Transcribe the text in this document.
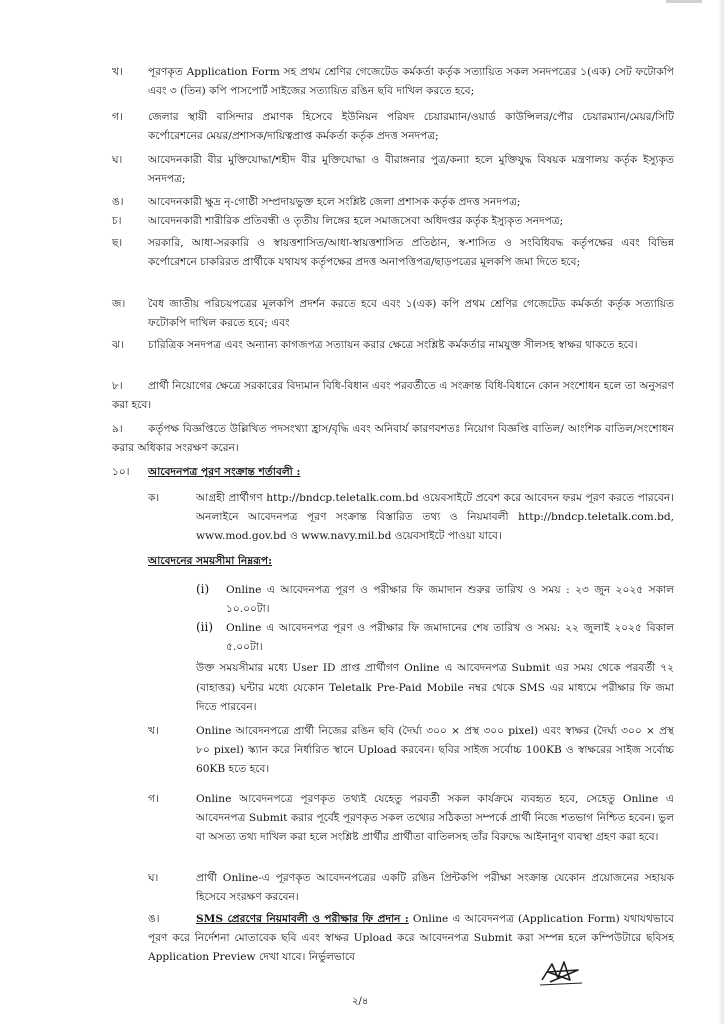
খ। পূরণকৃত Application Form সহ প্রথম শ্রেণির গেজেটেড কর্মকর্তা কর্তৃক সত্যায়িত সকল সনদপত্রের ১(এক) সেট ফটোকপি এবং ৩ (তিন) কপি পাসপোর্ট সাইজের সত্যায়িত রঙিন ছবি দাখিল করতে হবে;
গ। জেলার স্থায়ী বাসিন্দার প্রমাণক হিসেবে ইউনিয়ন পরিষদ চেয়ারম্যান/ওয়ার্ড কাউন্সিলর/পৌর চেয়ারম্যান/মেয়র/সিটি কর্পোরেশনের মেয়র/প্রশাসক/দায়িত্বপ্রাপ্ত কর্মকর্তা কর্তৃক প্রদত্ত সনদপত্র;
ঘ। আবেদনকারী বীর মুক্তিযোদ্ধা/শহীদ বীর মুক্তিযোদ্ধা ও বীরাঙ্গনার পুত্র/কন্যা হলে মুক্তিযুদ্ধ বিষয়ক মন্ত্রণালয় কর্তৃক ইস্যুকৃত সনদপত্র;
ঙ। আবেদনকারী ক্ষুদ্র নৃ-গোষ্ঠী সম্প্রদায়ভুক্ত হলে সংশ্লিষ্ট জেলা প্রশাসক কর্তৃক প্রদত্ত সনদপত্র;
চ। আবেদনকারী শারীরিক প্রতিবন্ধী ও তৃতীয় লিঙ্গের হলে সমাজসেবা অধিদপ্তর কর্তৃক ইস্যুকৃত সনদপত্র;
ছ। সরকারি, আধা-সরকারি ও স্বায়ত্তশাসিত/আধা-স্বায়ত্তশাসিত প্রতিষ্ঠান, স্ব-শাসিত ও সংবিধিবদ্ধ কর্তৃপক্ষের এবং বিভিন্ন কর্পোরেশনে চাকরিরত প্রার্থীকে যথাযথ কর্তৃপক্ষের প্রদত্ত অনাপত্তিপত্র/ছাড়পত্রের মূলকপি জমা দিতে হবে;
জ। বৈধ জাতীয় পরিচয়পত্রের মূলকপি প্রদর্শন করতে হবে এবং ১(এক) কপি প্রথম শ্রেণির গেজেটেড কর্মকর্তা কর্তৃক সত্যায়িত ফটোকপি দাখিল করতে হবে; এবং
ঝ। চারিত্রিক সনদপত্র এবং অন্যান্য কাগজপত্র সত্যায়ন করার ক্ষেত্রে সংশ্লিষ্ট কর্মকর্তার নামযুক্ত সীলসহ স্বাক্ষর থাকতে হবে।
৮।	প্রার্থী নিয়োগের ক্ষেত্রে সরকারের বিদ্যমান বিধি-বিধান এবং পরবর্তীতে এ সংক্রান্ত বিধি-বিধানে কোন সংশোধন হলে তা অনুসরণ করা হবে।
৯।	কর্তৃপক্ষ বিজ্ঞপ্তিতে উল্লিখিত পদসংখ্যা হ্রাস/বৃদ্ধি এবং অনিবার্য কারণবশতঃ নিয়োগ বিজ্ঞপ্তি বাতিল/ আংশিক বাতিল/সংশোধন করার অধিকার সংরক্ষণ করেন।
১০। আবেদনপত্র পূরণ সংক্রান্ত শর্তাবলী :
ক।	আগ্রহী প্রার্থীগণ http://bndcp.teletalk.com.bd ওয়েবসাইটে প্রবেশ করে আবেদন ফরম পূরণ করতে পারবেন। অনলাইনে আবেদনপত্র পূরণ সংক্রান্ত বিস্তারিত তথ্য ও নিয়মাবলী http://bndcp.teletalk.com.bd, www.mod.gov.bd ও www.navy.mil.bd ওয়েবসাইটে পাওয়া যাবে।
আবেদনের সময়সীমা নিম্নরূপ:
(i) Online এ আবেদনপত্র পূরণ ও পরীক্ষার ফি জমাদান শুরুর তারিখ ও সময় : ২৩ জুন ২০২৫ সকাল ১০.০০টা।
(ii) Online এ আবেদনপত্র পূরণ ও পরীক্ষার ফি জমাদানের শেষ তারিখ ও সময়: ২২ জুলাই ২০২৫ বিকাল ৫.০০টা।
উক্ত সময়সীমার মধ্যে User ID প্রাপ্ত প্রার্থীগণ Online এ আবেদনপত্র Submit এর সময় থেকে পরবর্তী ৭২ (বাহাত্তর) ঘন্টার মধ্যে যেকোন Teletalk Pre-Paid Mobile নম্বর থেকে SMS এর মাধ্যমে পরীক্ষার ফি জমা দিতে পারবেন।
খ।	Online আবেদনপত্রে প্রার্থী নিজের রঙিন ছবি (দৈর্ঘ্য ৩০০ × প্রস্থ ৩০০ pixel) এবং স্বাক্ষর (দৈর্ঘ্য ৩০০ × প্রস্থ ৮০ pixel) স্ক্যান করে নির্ধারিত স্থানে Upload করবেন। ছবির সাইজ সর্বোচ্চ 100KB ও স্বাক্ষরের সাইজ সর্বোচ্চ 60KB হতে হবে।
গ।	Online আবেদনপত্রে পূরণকৃত তথ্যই যেহেতু পরবর্তী সকল কার্যক্রমে ব্যবহৃত হবে, সেহেতু Online এ আবেদনপত্র Submit করার পূর্বেই পূরণকৃত সকল তথ্যের সঠিকতা সম্পর্কে প্রার্থী নিজে শতভাগ নিশ্চিত হবেন। ভুল বা অসত্য তথ্য দাখিল করা হলে সংশ্লিষ্ট প্রার্থীর প্রার্থীতা বাতিলসহ তাঁর বিরুদ্ধে আইনানুগ ব্যবস্থা গ্রহণ করা হবে।
ঘ।	প্রার্থী Online-এ পূরণকৃত আবেদনপত্রের একটি রঙিন প্রিন্টকপি পরীক্ষা সংক্রান্ত যেকোন প্রয়োজনের সহায়ক হিসেবে সংরক্ষণ করবেন।
ঙ।	SMS প্রেরণের নিয়মাবলী ও পরীক্ষার ফি প্রদান : Online এ আবেদনপত্র (Application Form) যথাযথভাবে পূরণ করে নির্দেশনা মোতাবেক ছবি এবং স্বাক্ষর Upload করে আবেদনপত্র Submit করা সম্পন্ন হলে কম্পিউটারে ছবিসহ Application Preview দেখা যাবে। নির্ভুলভাবে
২/৪
